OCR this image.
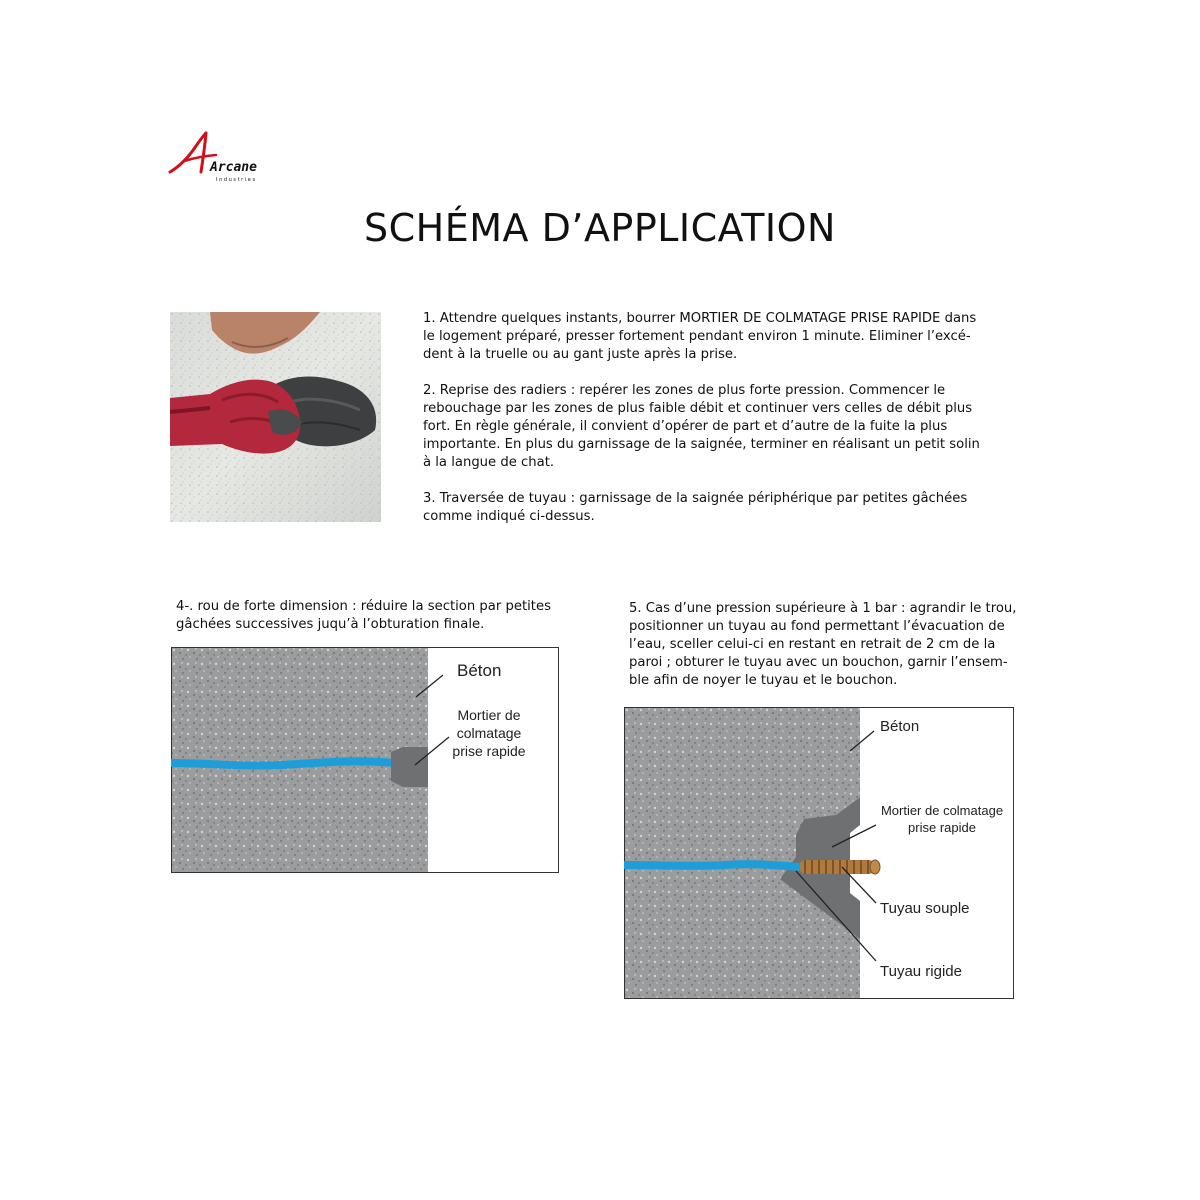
Arcane
Industries
SCHÉMA D’APPLICATION
1. Attendre quelques instants, bourrer MORTIER DE COLMATAGE PRISE RAPIDE dans
le logement préparé, presser fortement pendant environ 1 minute. Eliminer l’excé-
dent à la truelle ou au gant juste après la prise.
2. Reprise des radiers : repérer les zones de plus forte pression. Commencer le
rebouchage par les zones de plus faible débit et continuer vers celles de débit plus
fort. En règle générale, il convient d’opérer de part et d’autre de la fuite la plus
importante. En plus du garnissage de la saignée, terminer en réalisant un petit solin
à la langue de chat.
3. Traversée de tuyau : garnissage de la saignée périphérique par petites gâchées
comme indiqué ci-dessus.
4-. rou de forte dimension : réduire la section par petites
gâchées successives juqu’à l’obturation finale.
5. Cas d’une pression supérieure à 1 bar : agrandir le trou,
positionner un tuyau au fond permettant l’évacuation de
l’eau, sceller celui-ci en restant en retrait de 2 cm de la
paroi ; obturer le tuyau avec un bouchon, garnir l’ensem-
ble afin de noyer le tuyau et le bouchon.
Béton
Mortier de
colmatage
prise rapide
Béton
Mortier de colmatage
prise rapide
Tuyau souple
Tuyau rigide
